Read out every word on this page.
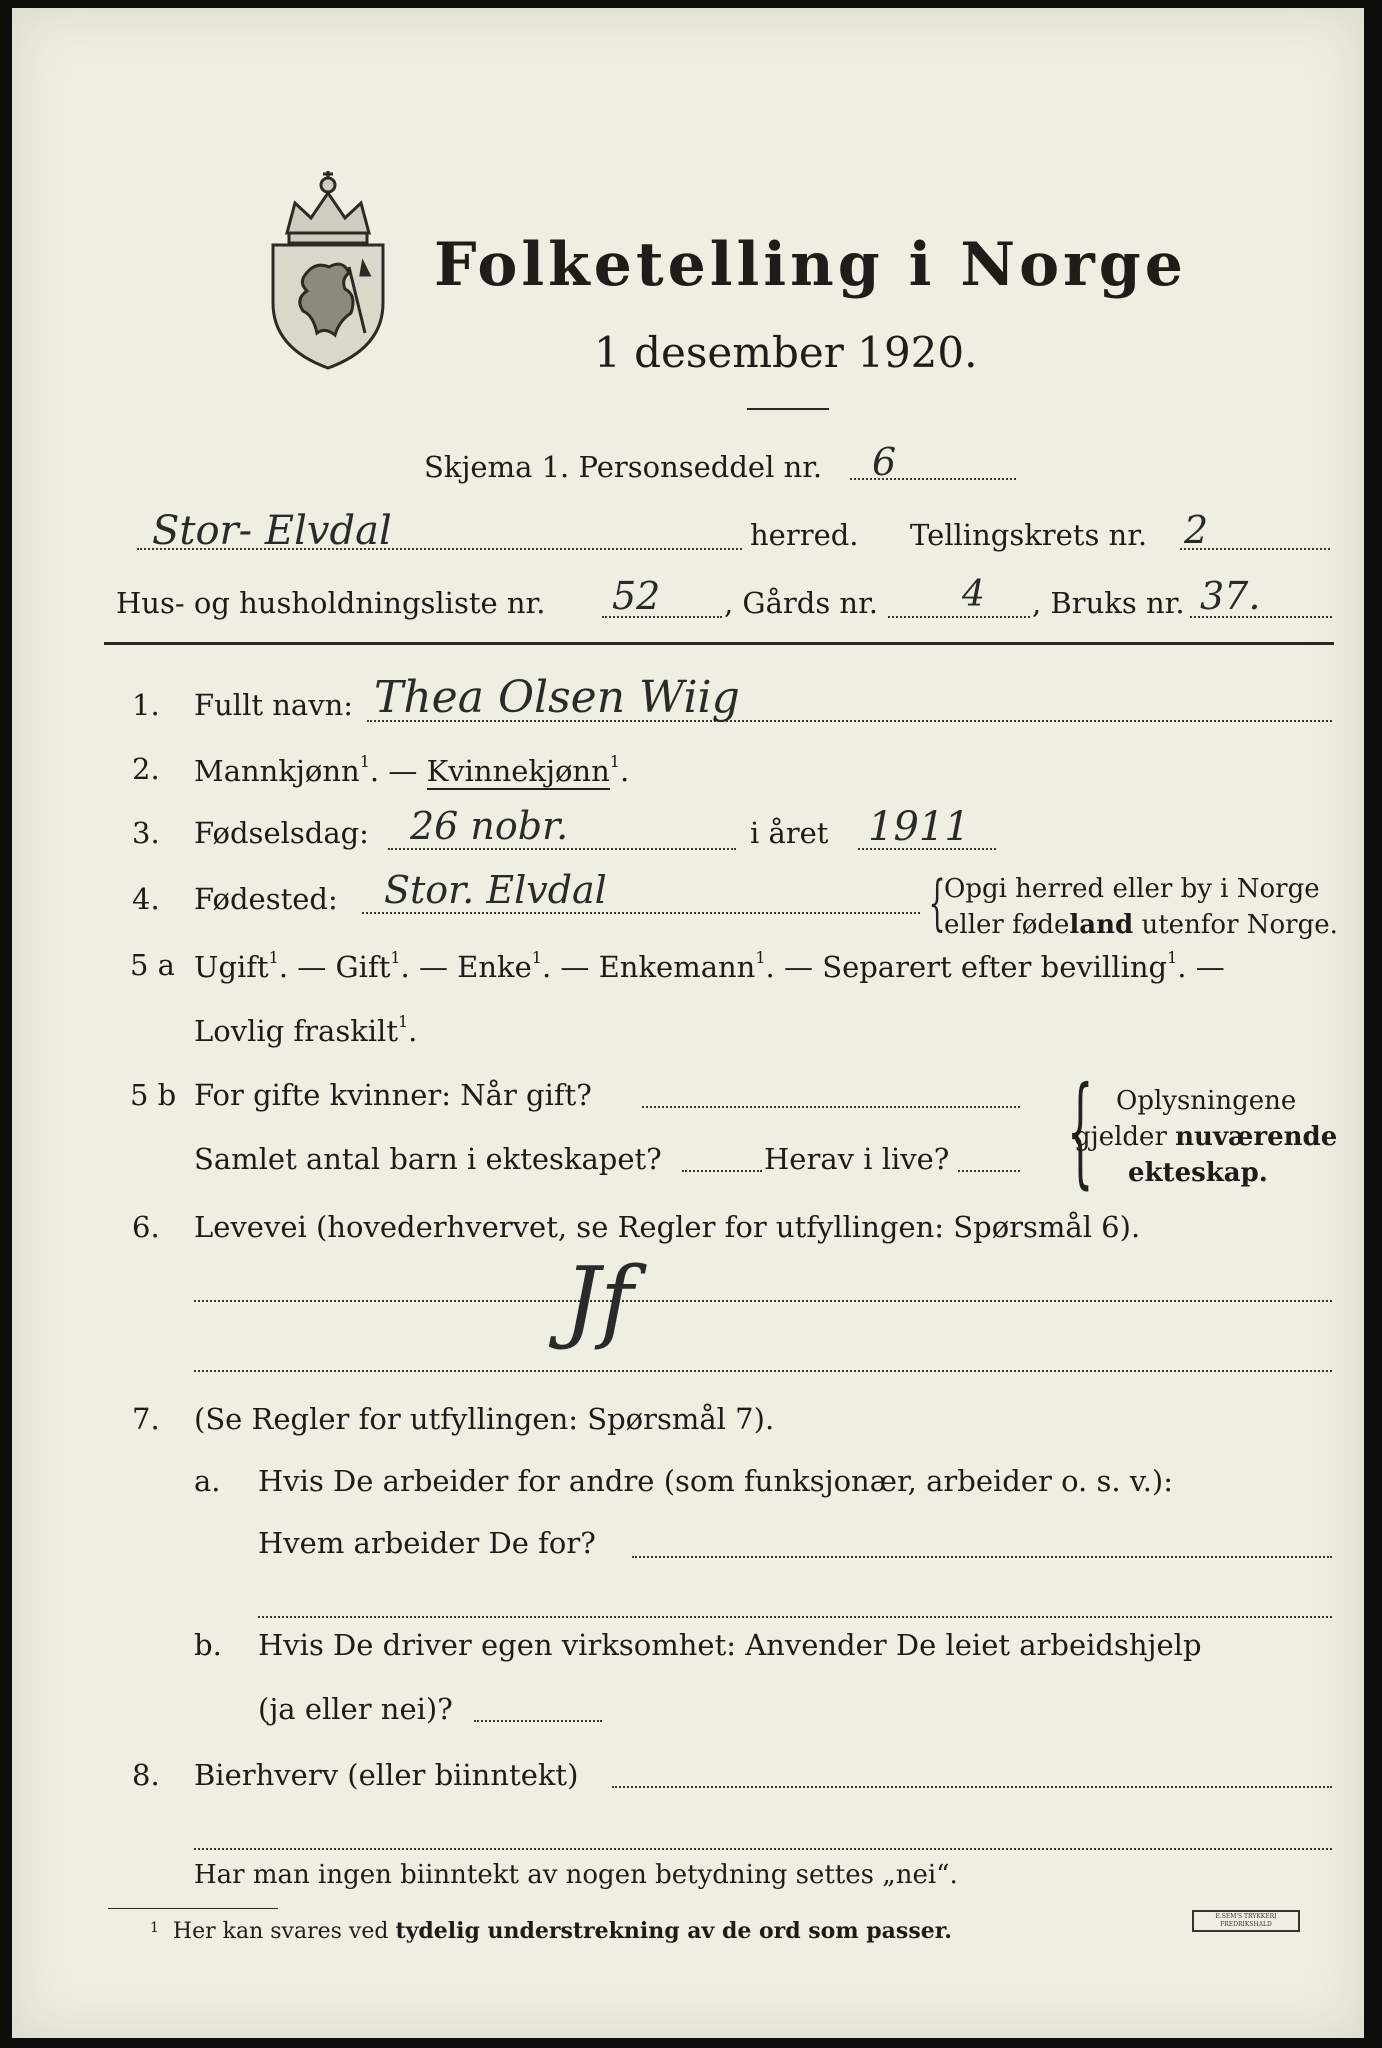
Folketelling i Norge
1 desember 1920.
Skjema 1. Personseddel nr. 6
Stor- Elvdal	herred. Tellingskrets nr. 2
Hus- og husholdningsliste nr. 52 , Gårds nr. 4 , Bruks nr. 37.
1. Fullt navn: Thea Olsen Wiig
2. Mannkjønn$^1$. — Kvinnekjønn$^1$.
3. Fødselsdag: 26 nobr.	i året 1911
4. Fødested: Stor. Elvdal	{
Opgi herred eller by i Norge
eller fødeland utenfor Norge.
5 a Ugift$^1$. — Gift$^1$. — Enke$^1$. — Enkemann$^1$. — Separert efter bevilling$^1$. —
Lovlig fraskilt$^1$.
5 b For gifte kvinner: Når gift?
Samlet antal barn i ekteskapet?	Herav i live? { Oplysningene
gjelder nuværende
ekteskap.
6. Levevei (hovederhvervet, se Regler for utfyllingen: Spørsmål 6).
Jf
7. (Se Regler for utfyllingen: Spørsmål 7).
a. Hvis De arbeider for andre (som funksjonær, arbeider o. s. v.):
Hvem arbeider De for?
b. Hvis De driver egen virksomhet: Anvender De leiet arbeidshjelp
(ja eller nei)?
8. Bierhverv (eller biinntekt)
Har man ingen biinntekt av nogen betydning settes „nei“.
$^1$ Her kan svares ved tydelig understrekning av de ord som passer.
E.SEM'S TRYKKERI
FREDRIKSHALD
